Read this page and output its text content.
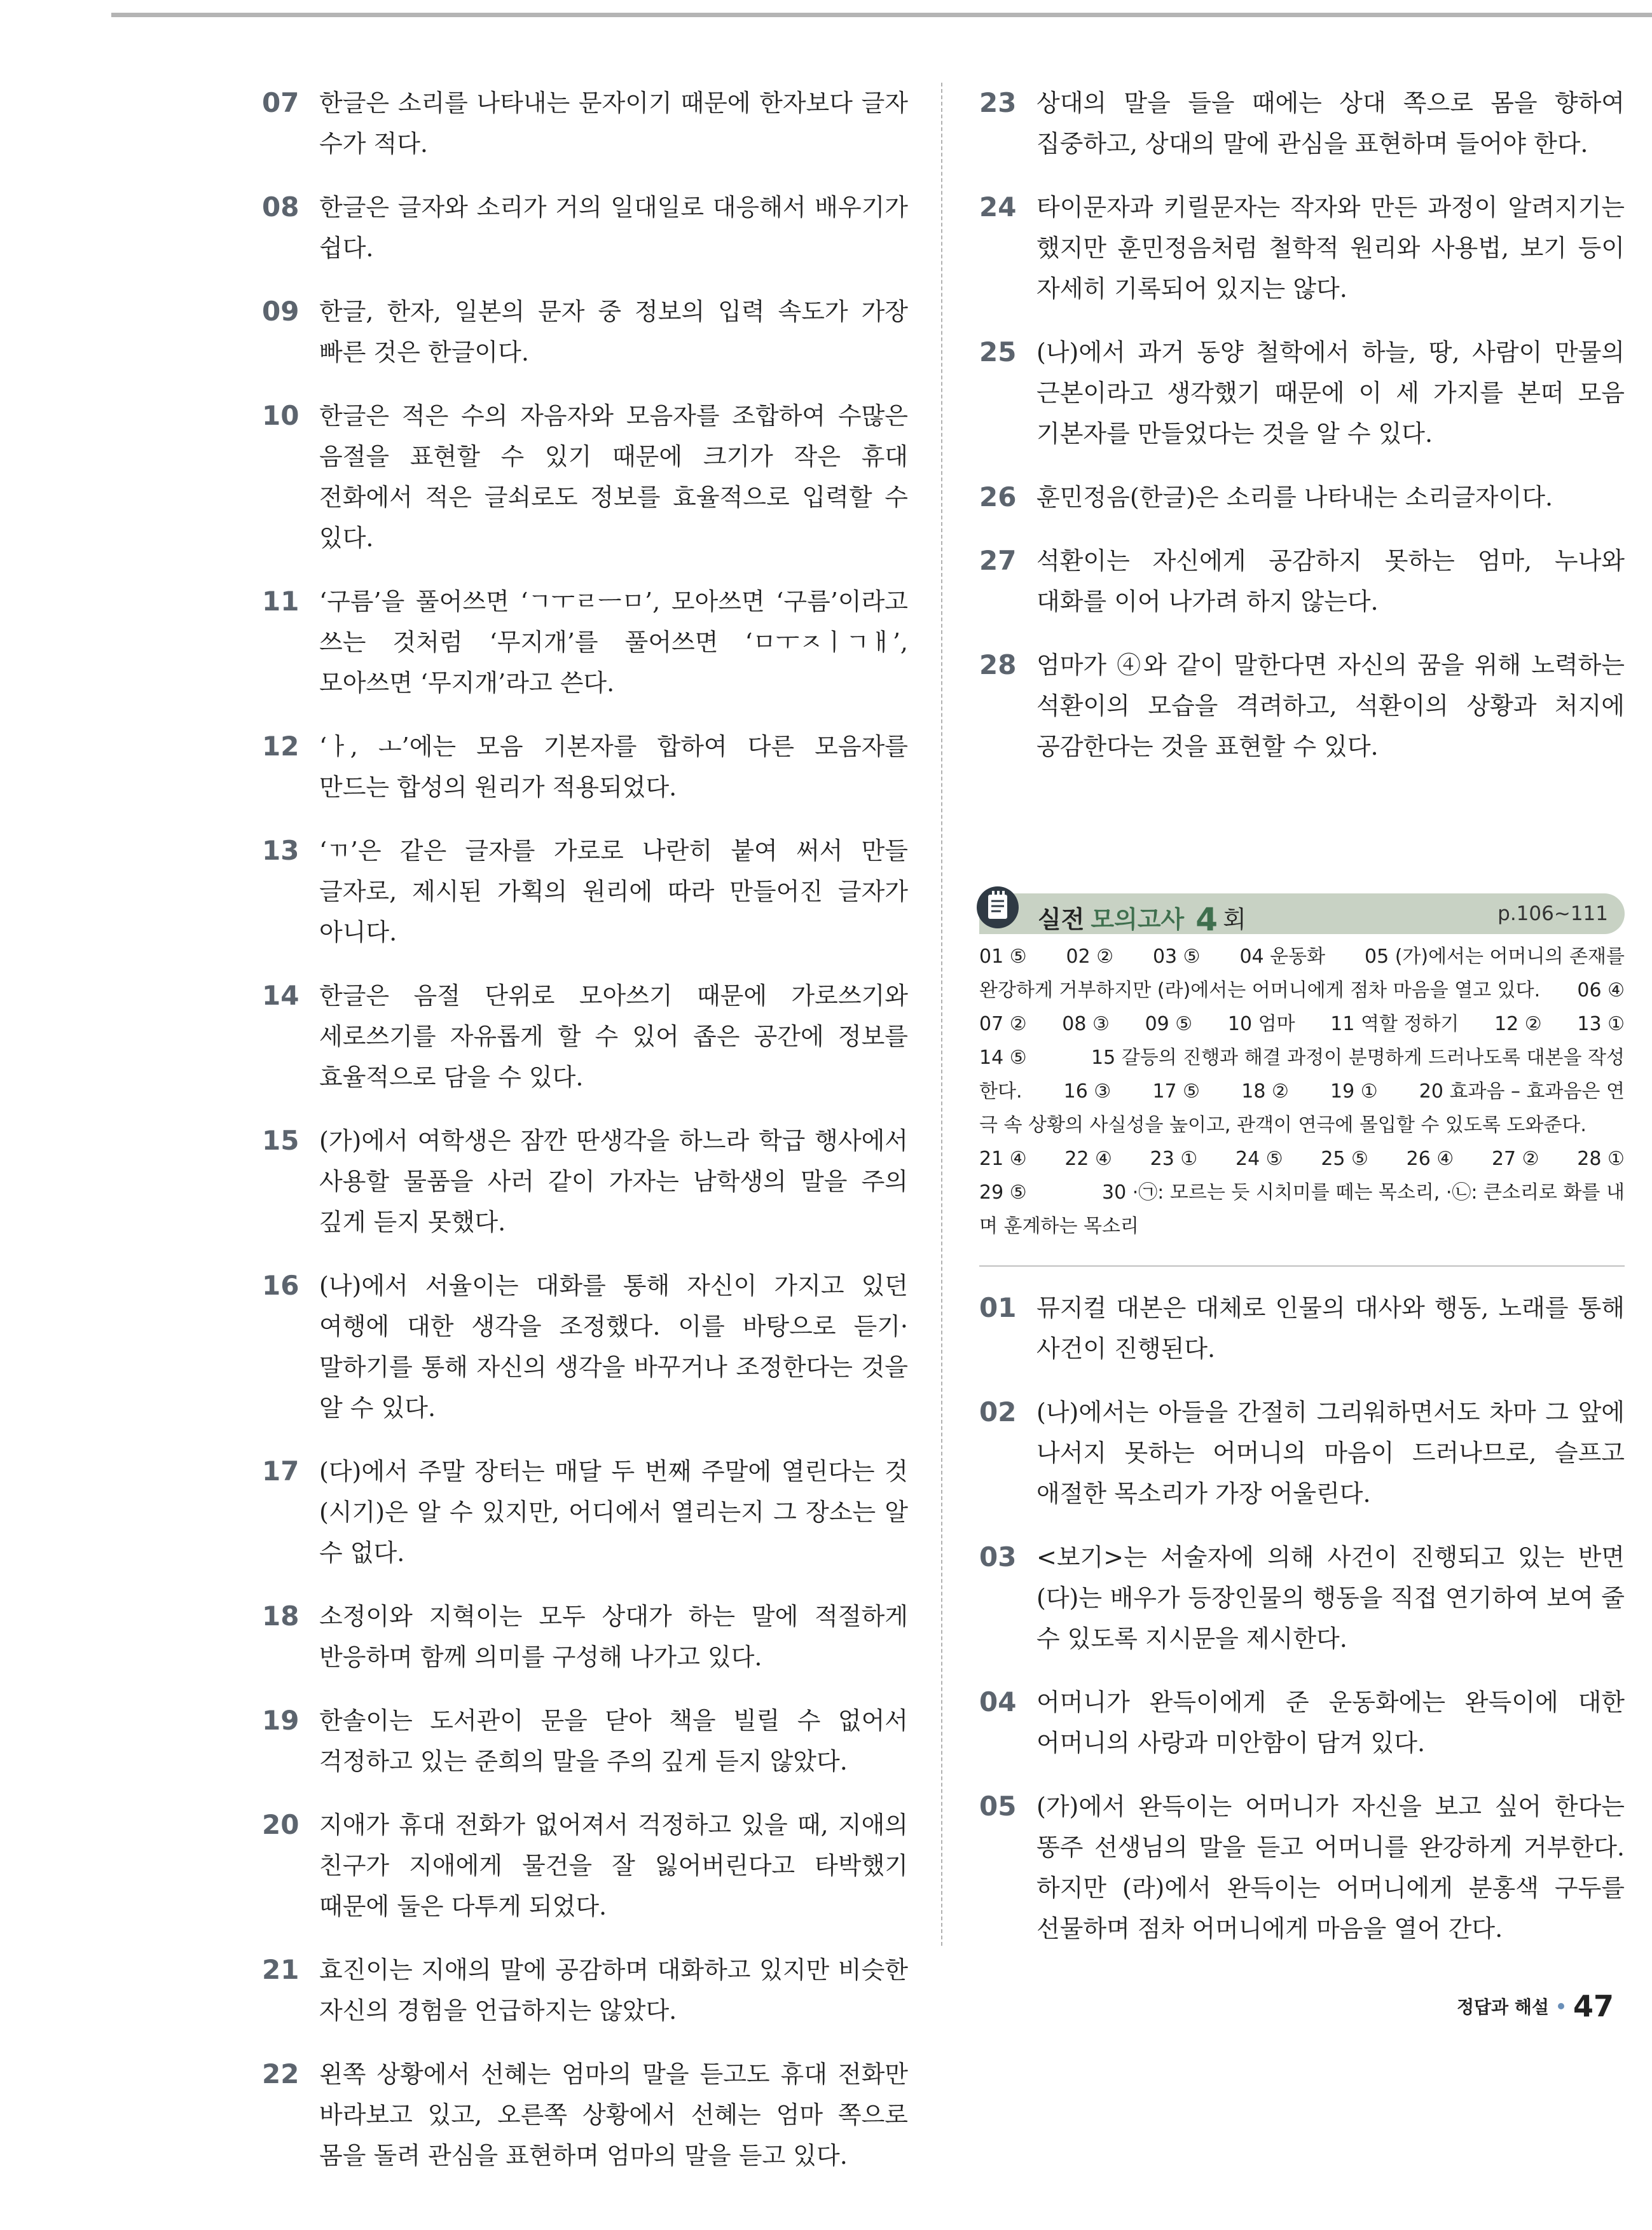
07 한글은 소리를 나타내는 문자이기 때문에 한자보다 글자 수가 적다.
08 한글은 글자와 소리가 거의 일대일로 대응해서 배우기가 쉽다.
09 한글, 한자, 일본의 문자 중 정보의 입력 속도가 가장 빠른 것은 한글이다.
10 한글은 적은 수의 자음자와 모음자를 조합하여 수많은 음절을 표현할 수 있기 때문에 크기가 작은 휴대 전화에서 적은 글쇠로도 정보를 효율적으로 입력할 수 있다.
11 ‘구름’을 풀어쓰면 ‘ㄱㅜㄹㅡㅁ’, 모아쓰면 ‘구름’이라고 쓰는 것처럼 ‘무지개’를 풀어쓰면 ‘ㅁㅜㅈㅣㄱㅐ’, 모아쓰면 ‘무지개’라고 쓴다.
12 ‘ㅏ, ㅗ’에는 모음 기본자를 합하여 다른 모음자를 만드는 합성의 원리가 적용되었다.
13 ‘ㄲ’은 같은 글자를 가로로 나란히 붙여 써서 만들 글자로, 제시된 가획의 원리에 따라 만들어진 글자가 아니다.
14 한글은 음절 단위로 모아쓰기 때문에 가로쓰기와 세로쓰기를 자유롭게 할 수 있어 좁은 공간에 정보를 효율적으로 담을 수 있다.
15 (가)에서 여학생은 잠깐 딴생각을 하느라 학급 행사에서 사용할 물품을 사러 같이 가자는 남학생의 말을 주의 깊게 듣지 못했다.
16 (나)에서 서율이는 대화를 통해 자신이 가지고 있던 여행에 대한 생각을 조정했다. 이를 바탕으로 듣기·말하기를 통해 자신의 생각을 바꾸거나 조정한다는 것을 알 수 있다.
17 (다)에서 주말 장터는 매달 두 번째 주말에 열린다는 것(시기)은 알 수 있지만, 어디에서 열리는지 그 장소는 알 수 없다.
18 소정이와 지혁이는 모두 상대가 하는 말에 적절하게 반응하며 함께 의미를 구성해 나가고 있다.
19 한솔이는 도서관이 문을 닫아 책을 빌릴 수 없어서 걱정하고 있는 준희의 말을 주의 깊게 듣지 않았다.
20 지애가 휴대 전화가 없어져서 걱정하고 있을 때, 지애의 친구가 지애에게 물건을 잘 잃어버린다고 타박했기 때문에 둘은 다투게 되었다.
21 효진이는 지애의 말에 공감하며 대화하고 있지만 비슷한 자신의 경험을 언급하지는 않았다.
22 왼쪽 상황에서 선혜는 엄마의 말을 듣고도 휴대 전화만 바라보고 있고, 오른쪽 상황에서 선혜는 엄마 쪽으로 몸을 돌려 관심을 표현하며 엄마의 말을 듣고 있다.
23 상대의 말을 들을 때에는 상대 쪽으로 몸을 향하여 집중하고, 상대의 말에 관심을 표현하며 들어야 한다.
24 타이문자과 키릴문자는 작자와 만든 과정이 알려지기는 했지만 훈민정음처럼 철학적 원리와 사용법, 보기 등이 자세히 기록되어 있지는 않다.
25 (나)에서 과거 동양 철학에서 하늘, 땅, 사람이 만물의 근본이라고 생각했기 때문에 이 세 가지를 본떠 모음 기본자를 만들었다는 것을 알 수 있다.
26 훈민정음(한글)은 소리를 나타내는 소리글자이다.
27 석환이는 자신에게 공감하지 못하는 엄마, 누나와 대화를 이어 나가려 하지 않는다.
28 엄마가 ④와 같이 말한다면 자신의 꿈을 위해 노력하는 석환이의 모습을 격려하고, 석환이의 상황과 처지에 공감한다는 것을 표현할 수 있다.
실전 모의고사 4 회	p.106~111
01 ⑤ 02 ② 03 ⑤ 04 운동화 05 (가)에서는 어머니의 존재를
완강하게 거부하지만 (라)에서는 어머니에게 점차 마음을 열고 있다. 06 ④
07 ② 08 ③ 09 ⑤ 10 엄마 11 역할 정하기 12 ② 13 ①
14 ⑤	15 갈등의 진행과 해결 과정이 분명하게 드러나도록 대본을 작성
한다. 16 ③ 17 ⑤ 18 ② 19 ① 20 효과음 – 효과음은 연
극 속 상황의 사실성을 높이고, 관객이 연극에 몰입할 수 있도록 도와준다.
21 ④ 22 ④ 23 ① 24 ⑤ 25 ⑤ 26 ④ 27 ② 28 ①
29 ⑤	30 ·㉠: 모르는 듯 시치미를 떼는 목소리, ·㉡: 큰소리로 화를 내
며 훈계하는 목소리
01 뮤지컬 대본은 대체로 인물의 대사와 행동, 노래를 통해 사건이 진행된다.
02 (나)에서는 아들을 간절히 그리워하면서도 차마 그 앞에 나서지 못하는 어머니의 마음이 드러나므로, 슬프고 애절한 목소리가 가장 어울린다.
03 <보기>는 서술자에 의해 사건이 진행되고 있는 반면 (다)는 배우가 등장인물의 행동을 직접 연기하여 보여 줄 수 있도록 지시문을 제시한다.
04 어머니가 완득이에게 준 운동화에는 완득이에 대한 어머니의 사랑과 미안함이 담겨 있다.
05 (가)에서 완득이는 어머니가 자신을 보고 싶어 한다는 똥주 선생님의 말을 듣고 어머니를 완강하게 거부한다. 하지만 (라)에서 완득이는 어머니에게 분홍색 구두를 선물하며 점차 어머니에게 마음을 열어 간다.
정답과 해설 47
